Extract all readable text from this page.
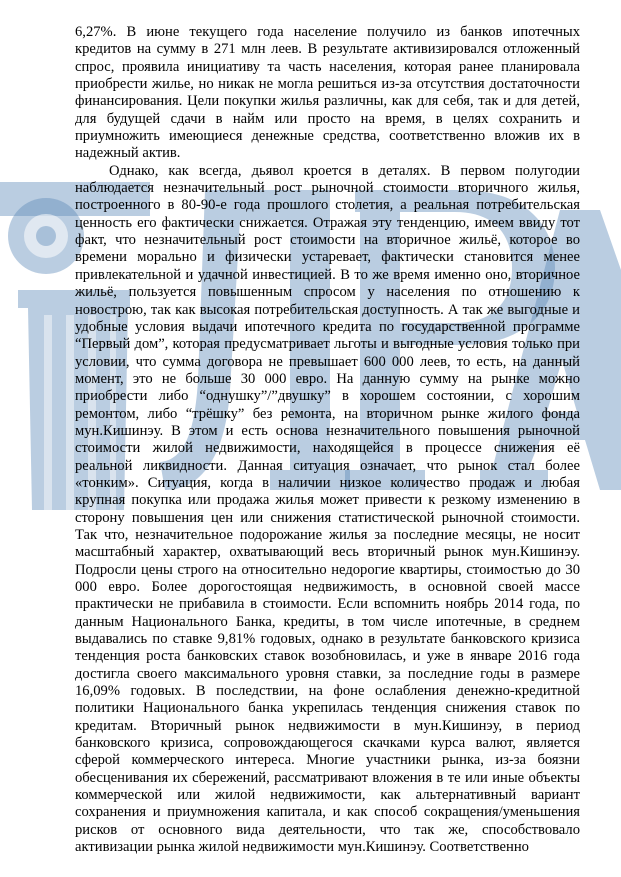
6,27%. В июне текущего года население получило из банков ипотечных кредитов на сумму в 271 млн леев. В результате активизировался отложенный спрос, проявила инициативу та часть населения, которая ранее планировала приобрести жилье, но никак не могла решиться из-за отсутствия достаточности финансирования. Цели покупки жилья различны, как для себя, так и для детей, для будущей сдачи в найм или просто на время, в целях сохранить и приумножить имеющиеся денежные средства, соответственно вложив их в надежный актив.

Однако, как всегда, дьявол кроется в деталях. В первом полугодии наблюдается незначительный рост рыночной стоимости вторичного жилья, построенного в 80-90-е года прошлого столетия, а реальная потребительская ценность его фактически снижается. Отражая эту тенденцию, имеем ввиду тот факт, что незначительный рост стоимости на вторичное жильё, которое во времени морально и физически устаревает, фактически становится менее привлекательной и удачной инвестицией. В то же время именно оно, вторичное жильё, пользуется повышенным спросом у населения по отношению к новострою, так как высокая потребительская доступность. А так же выгодные и удобные условия выдачи ипотечного кредита по государственной программе “Первый дом”, которая предусматривает льготы и выгодные условия только при условии, что сумма договора не превышает 600 000 леев, то есть, на данный момент, это не больше 30 000 евро. На данную сумму на рынке можно приобрести либо “однушку”/”двушку” в хорошем состоянии, с хорошим ремонтом, либо “трёшку” без ремонта, на вторичном рынке жилого фонда мун.Кишинэу. В этом и есть основа незначительного повышения рыночной стоимости жилой недвижимости, находящейся в процессе снижения её реальной ликвидности. Данная ситуация означает, что рынок стал более «тонким». Ситуация, когда в наличии низкое количество продаж и любая крупная покупка или продажа жилья может привести к резкому изменению в сторону повышения цен или снижения статистической рыночной стоимости. Так что, незначительное подорожание жилья за последние месяцы, не носит масштабный характер, охватывающий весь вторичный рынок мун.Кишинэу. Подросли цены строго на относительно недорогие квартиры, стоимостью до 30 000 евро. Более дорогостоящая недвижимость, в основной своей массе практически не прибавила в стоимости. Если вспомнить ноябрь 2014 года, по данным Национального Банка, кредиты, в том числе ипотечные, в среднем выдавались по ставке 9,81% годовых, однако в результате банковского кризиса тенденция роста банковских ставок возобновилась, и уже в январе 2016 года достигла своего максимального уровня ставки, за последние годы в размере 16,09% годовых. В последствии, на фоне ослабления денежно-кредитной политики Национального банка укрепилась тенденция снижения ставок по кредитам. Вторичный рынок недвижимости в мун.Кишинэу, в период банковского кризиса, сопровождающегося скачками курса валют, является сферой коммерческого интереса. Многие участники рынка, из-за боязни обесценивания их сбережений, рассматривают вложения в те или иные объекты коммерческой или жилой недвижимости, как альтернативный вариант сохранения и приумножения капитала, и как способ сокращения/уменьшения рисков от основного вида деятельности, что так же, способствовало активизации рынка жилой недвижимости мун.Кишинэу. Соответственно
